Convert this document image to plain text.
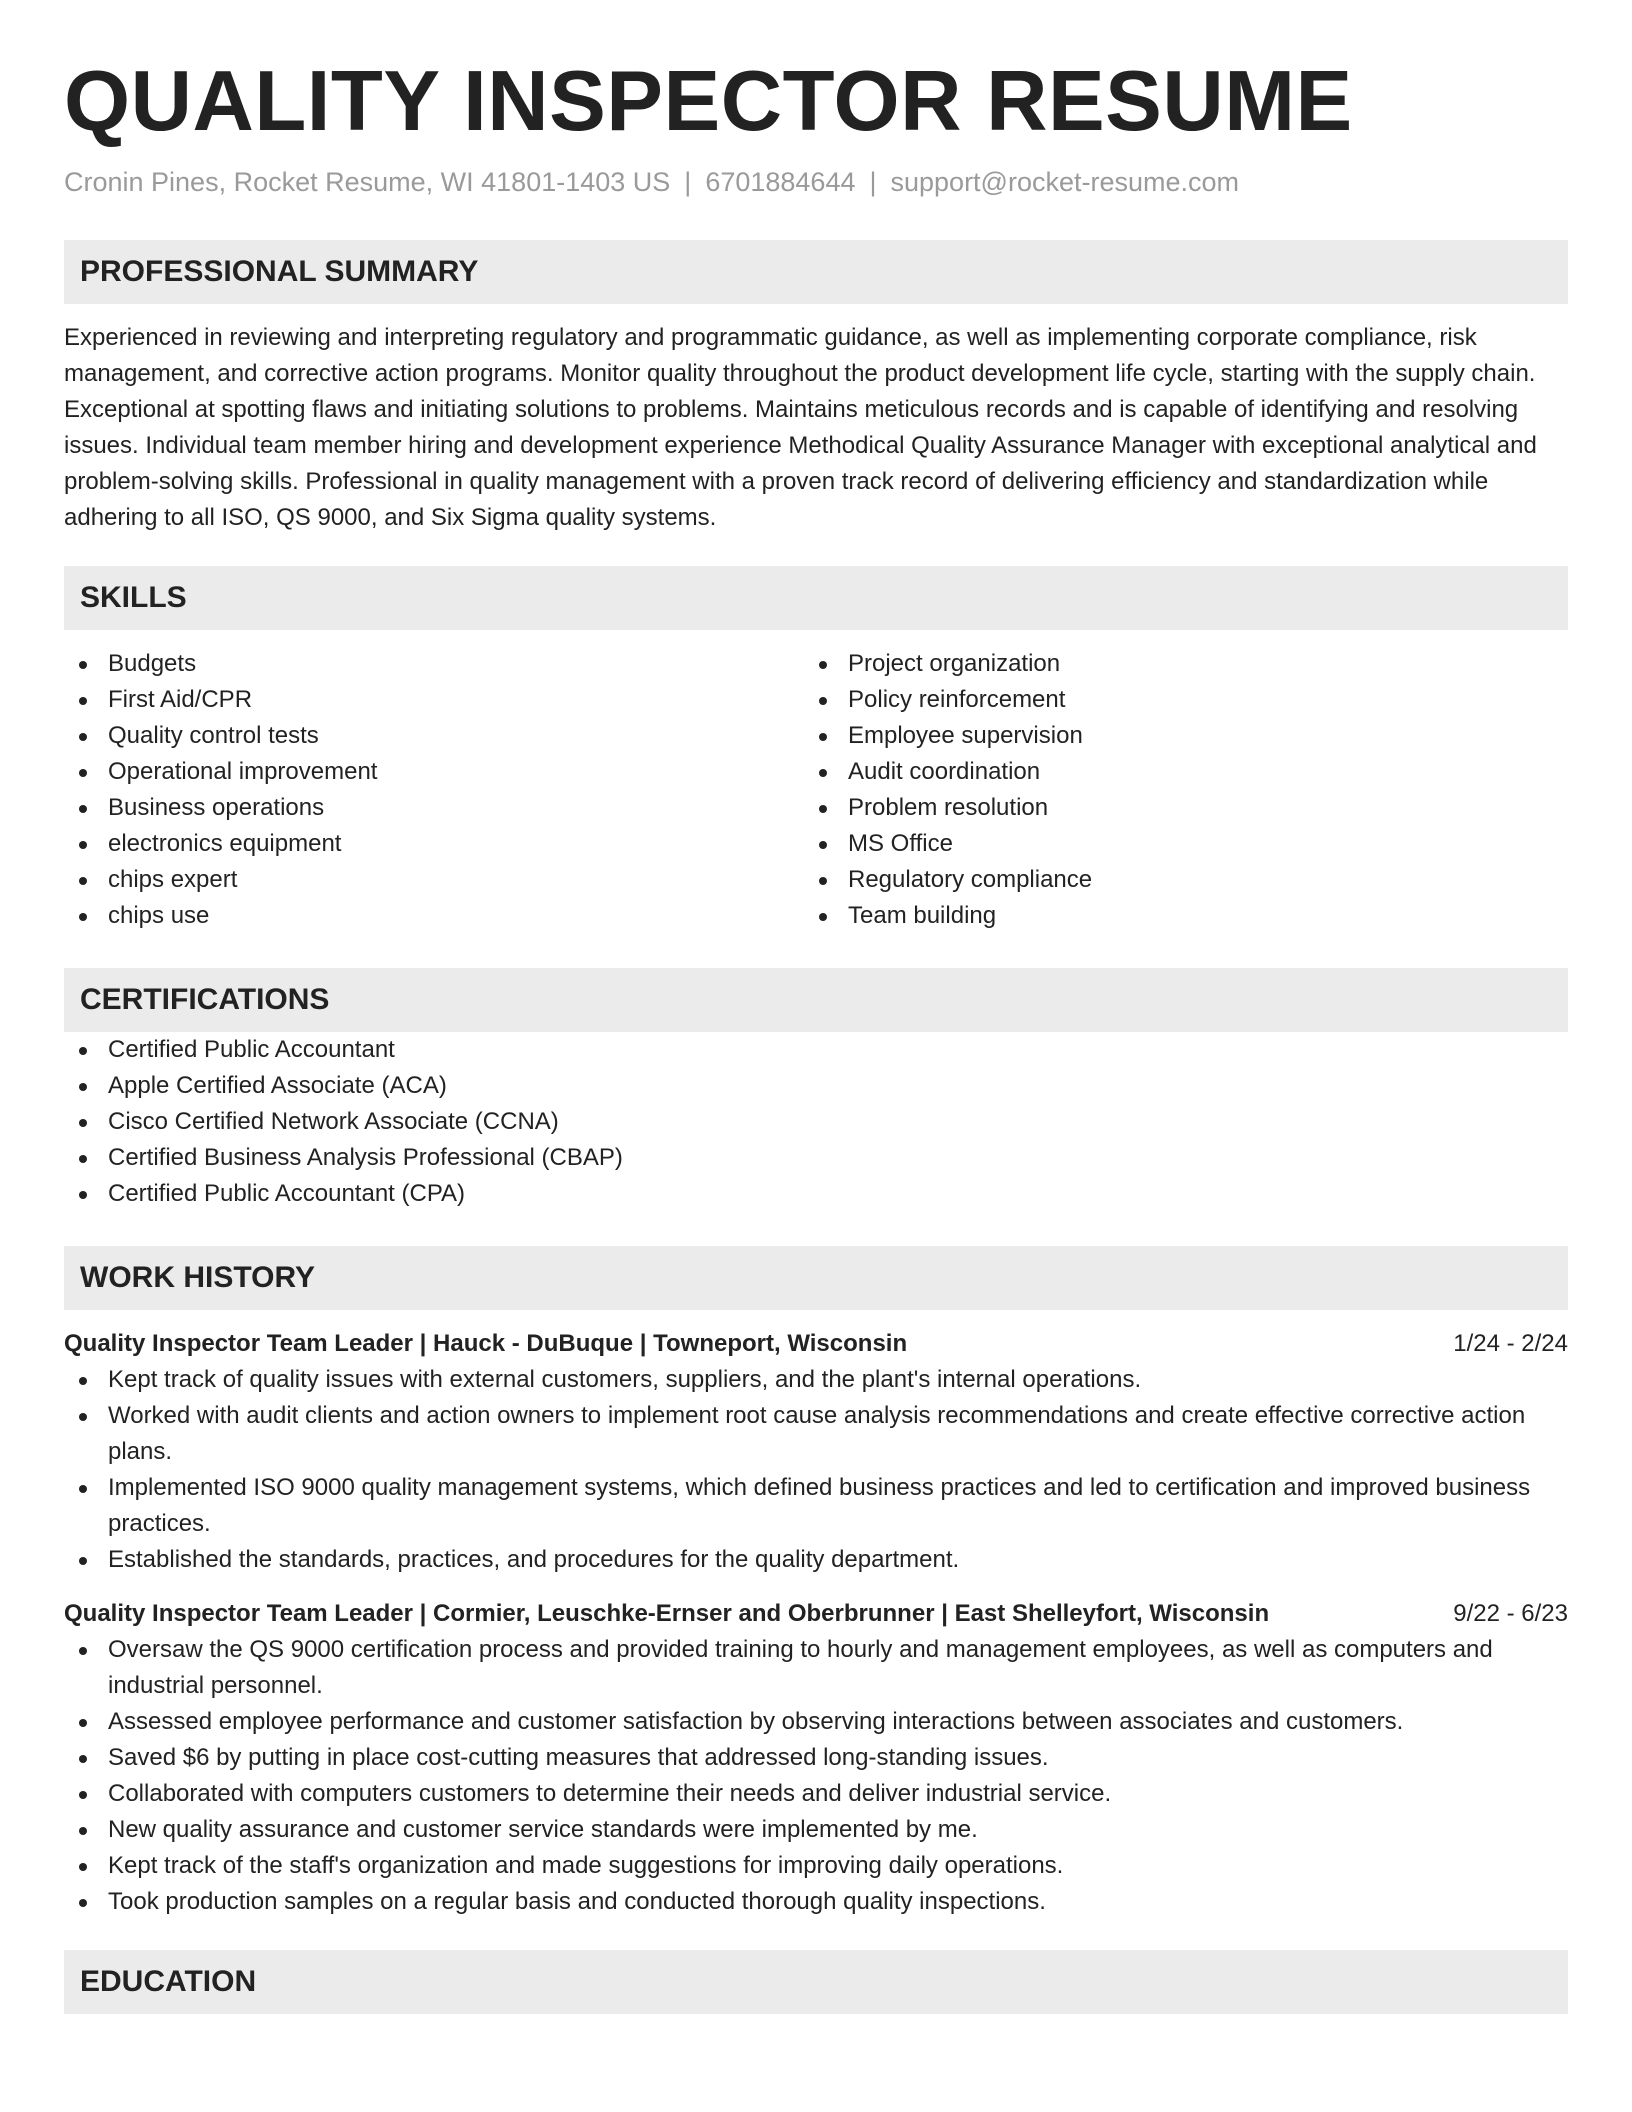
QUALITY INSPECTOR RESUME
Cronin Pines, Rocket Resume, WI 41801-1403 US | 6701884644 | support@rocket-resume.com
PROFESSIONAL SUMMARY

Experienced in reviewing and interpreting regulatory and programmatic guidance, as well as implementing corporate compliance, risk management, and corrective action programs. Monitor quality throughout the product development life cycle, starting with the supply chain. Exceptional at spotting flaws and initiating solutions to problems. Maintains meticulous records and is capable of identifying and resolving issues. Individual team member hiring and development experience Methodical Quality Assurance Manager with exceptional analytical and problem-solving skills. Professional in quality management with a proven track record of delivering efficiency and standardization while adhering to all ISO, QS 9000, and Six Sigma quality systems.

SKILLS
Budgets
First Aid/CPR
Quality control tests
Operational improvement
Business operations
electronics equipment
chips expert
chips use
Project organization
Policy reinforcement
Employee supervision
Audit coordination
Problem resolution
MS Office
Regulatory compliance
Team building
CERTIFICATIONS
Certified Public Accountant
Apple Certified Associate (ACA)
Cisco Certified Network Associate (CCNA)
Certified Business Analysis Professional (CBAP)
Certified Public Accountant (CPA)
WORK HISTORY
Quality Inspector Team Leader | Hauck - DuBuque | Towneport, Wisconsin	1/24 - 2/24
Kept track of quality issues with external customers, suppliers, and the plant's internal operations.
Worked with audit clients and action owners to implement root cause analysis recommendations and create effective corrective action plans.
Implemented ISO 9000 quality management systems, which defined business practices and led to certification and improved business practices.
Established the standards, practices, and procedures for the quality department.
Quality Inspector Team Leader | Cormier, Leuschke-Ernser and Oberbrunner | East Shelleyfort, Wisconsin	9/22 - 6/23
Oversaw the QS 9000 certification process and provided training to hourly and management employees, as well as computers and industrial personnel.
Assessed employee performance and customer satisfaction by observing interactions between associates and customers.
Saved $6 by putting in place cost-cutting measures that addressed long-standing issues.
Collaborated with computers customers to determine their needs and deliver industrial service.
New quality assurance and customer service standards were implemented by me.
Kept track of the staff's organization and made suggestions for improving daily operations.
Took production samples on a regular basis and conducted thorough quality inspections.
EDUCATION
